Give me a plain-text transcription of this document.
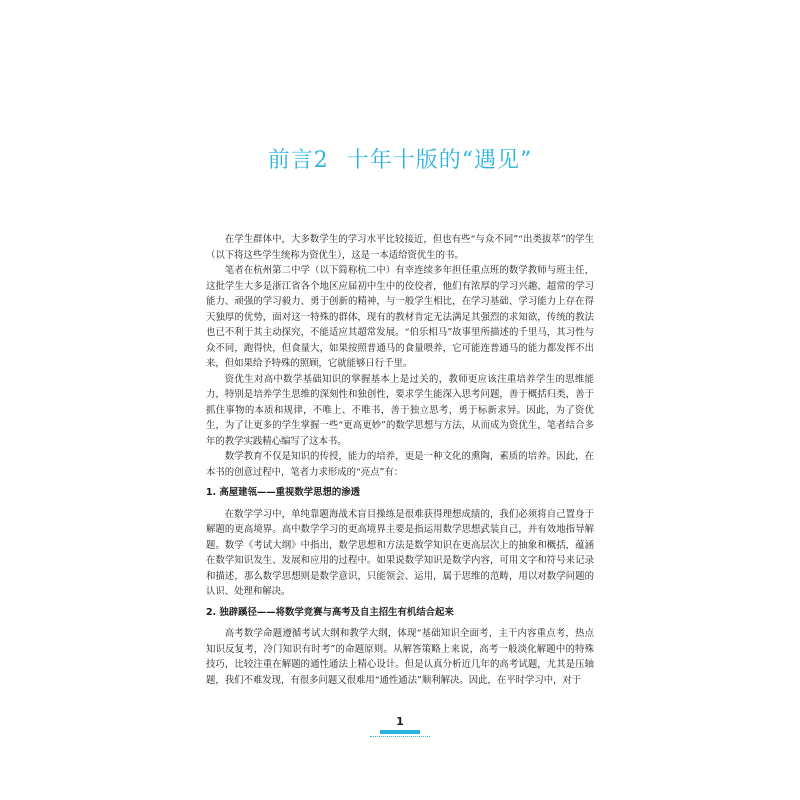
前言2 十年十版的“遇见”

在学生群体中，大多数学生的学习水平比较接近，但也有些“与众不同”“出类拔萃”的学生（以下将这些学生统称为资优生），这是一本适给资优生的书。

笔者在杭州第二中学（以下简称杭二中）有幸连续多年担任重点班的数学教师与班主任，这批学生大多是浙江省各个地区应届初中生中的佼佼者，他们有浓厚的学习兴趣、超常的学习能力、顽强的学习毅力、勇于创新的精神，与一般学生相比，在学习基础、学习能力上存在得天独厚的优势，面对这一特殊的群体，现有的教材肯定无法满足其强烈的求知欲，传统的教法也已不利于其主动探究，不能适应其超常发展。“伯乐相马”故事里所描述的千里马，其习性与众不同，跑得快，但食量大，如果按照普通马的食量喂养，它可能连普通马的能力都发挥不出来，但如果给予特殊的照顾，它就能够日行千里。

资优生对高中数学基础知识的掌握基本上是过关的，教师更应该注重培养学生的思维能力，特别是培养学生思维的深刻性和独创性，要求学生能深入思考问题，善于概括归类，善于抓住事物的本质和规律，不唯上、不唯书，善于独立思考，勇于标新求异。因此，为了资优生，为了让更多的学生掌握一些“更高更妙”的数学思想与方法，从而成为资优生，笔者结合多年的教学实践精心编写了这本书。

数学教育不仅是知识的传授，能力的培养，更是一种文化的熏陶，素质的培养。因此，在本书的创意过程中，笔者力求形成的“亮点”有：

1. 高屋建瓴——重视数学思想的渗透

在数学学习中，单纯靠题海战术盲目操练是很难获得理想成绩的，我们必须将自己置身于解题的更高境界。高中数学学习的更高境界主要是指运用数学思想武装自己，并有效地指导解题。数学《考试大纲》中指出，数学思想和方法是数学知识在更高层次上的抽象和概括，蕴涵在数学知识发生、发展和应用的过程中。如果说数学知识是数学内容，可用文字和符号来记录和描述，那么数学思想则是数学意识，只能领会、运用，属于思维的范畴，用以对数学问题的认识、处理和解决。

2. 独辟蹊径——将数学竞赛与高考及自主招生有机结合起来

高考数学命题遵循考试大纲和教学大纲，体现“基础知识全面考，主干内容重点考，热点知识反复考，冷门知识有时考”的命题原则。从解答策略上来说，高考一般淡化解题中的特殊技巧，比较注重在解题的通性通法上精心设计。但是认真分析近几年的高考试题，尤其是压轴题，我们不难发现，有很多问题又很难用“通性通法”顺利解决。因此，在平时学习中，对于

1
